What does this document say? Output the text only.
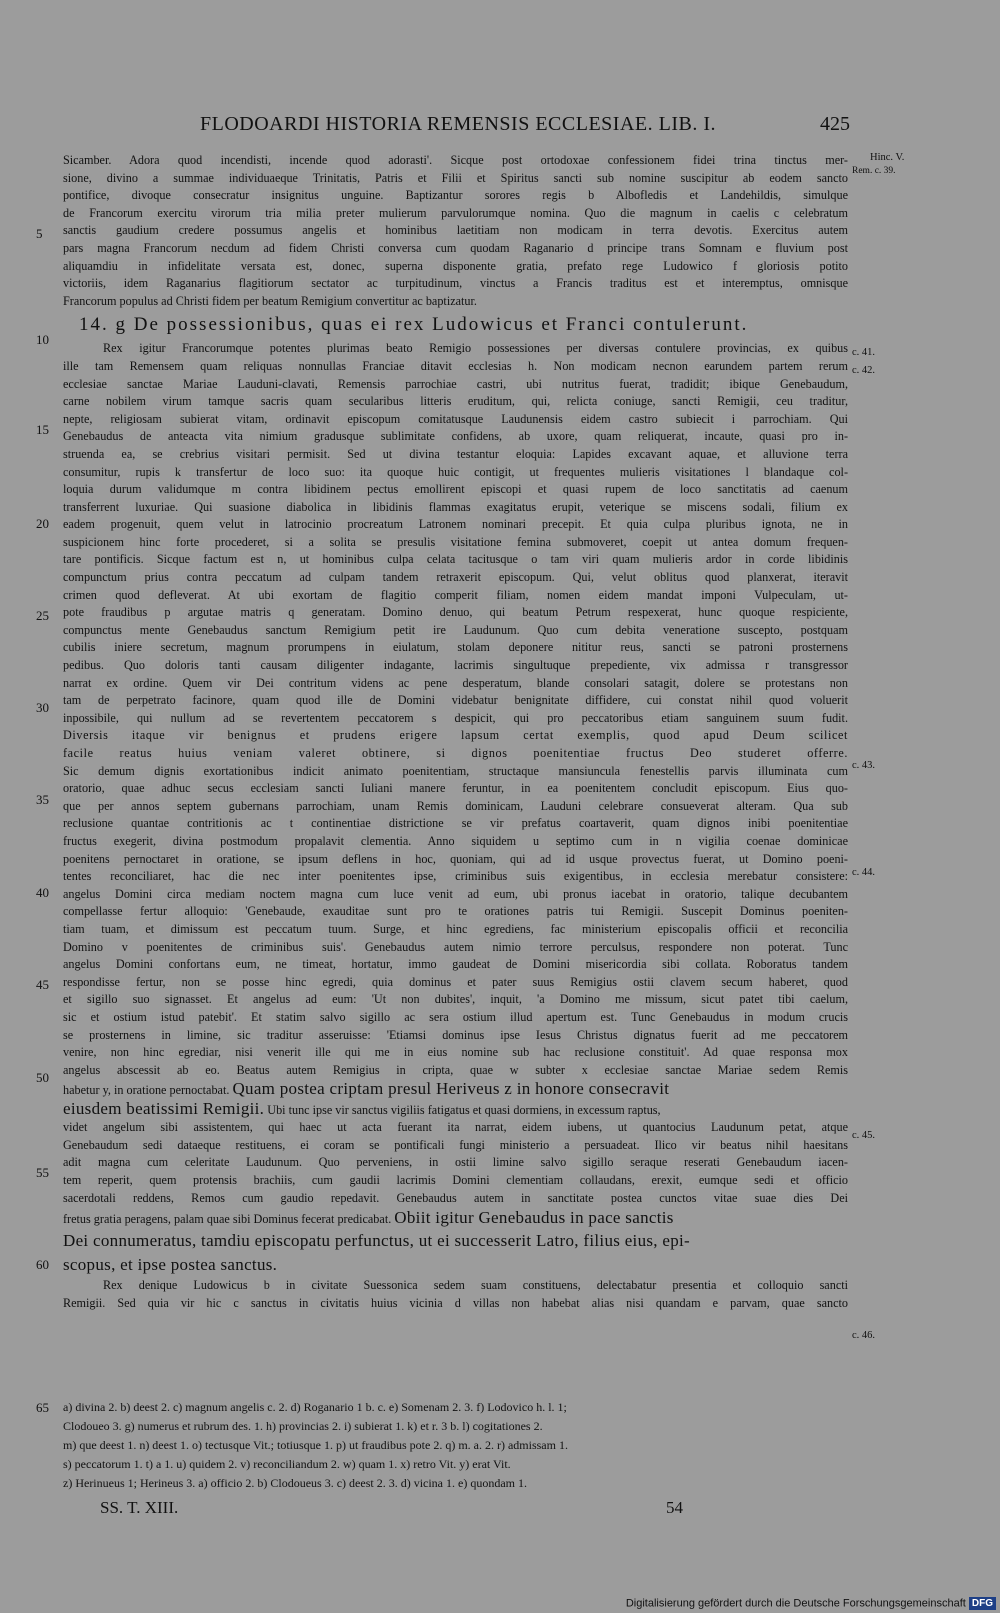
FLODOARDI HISTORIA REMENSIS ECCLESIAE. LIB. I.	425
Hinc. V.
Rem. c. 39.
c. 41.
c. 42.
c. 43.
c. 44.
c. 45.
c. 46.
5
10
15
20
25
30
35
40
45
50
55
60
65
Sicamber. Adora quod incendisti, incende quod adorasti'. Sicque post ortodoxae confessionem fidei trina tinctus mer-
sione, divino a summae individuaeque Trinitatis, Patris et Filii et Spiritus sancti sub nomine suscipitur ab eodem sancto
pontifice, divoque consecratur insignitus unguine. Baptizantur sorores regis b Albofledis et Landehildis, simulque
de Francorum exercitu virorum tria milia preter mulierum parvulorumque nomina. Quo die magnum in caelis c celebratum
sanctis gaudium credere possumus angelis et hominibus laetitiam non modicam in terra devotis. Exercitus autem
pars magna Francorum necdum ad fidem Christi conversa cum quodam Raganario d principe trans Somnam e fluvium post
aliquamdiu in infidelitate versata est, donec, superna disponente gratia, prefato rege Ludowico f gloriosis potito
victoriis, idem Raganarius flagitiorum sectator ac turpitudinum, vinctus a Francis traditus est et interemptus, omnisque
Francorum populus ad Christi fidem per beatum Remigium convertitur ac baptizatur.
14. g De possessionibus, quas ei rex Ludowicus et Franci contulerunt.
Rex igitur Francorumque potentes plurimas beato Remigio possessiones per diversas contulere provincias, ex quibus
ille tam Remensem quam reliquas nonnullas Franciae ditavit ecclesias h. Non modicam necnon earundem partem rerum
ecclesiae sanctae Mariae Lauduni-clavati, Remensis parrochiae castri, ubi nutritus fuerat, tradidit; ibique Genebaudum,
carne nobilem virum tamque sacris quam secularibus litteris eruditum, qui, relicta coniuge, sancti Remigii, ceu traditur,
nepte, religiosam subierat vitam, ordinavit episcopum comitatusque Laudunensis eidem castro subiecit i parrochiam. Qui
Genebaudus de anteacta vita nimium gradusque sublimitate confidens, ab uxore, quam reliquerat, incaute, quasi pro in-
struenda ea, se crebrius visitari permisit. Sed ut divina testantur eloquia: Lapides excavant aquae, et alluvione terra
consumitur, rupis k transfertur de loco suo: ita quoque huic contigit, ut frequentes mulieris visitationes l blandaque col-
loquia durum validumque m contra libidinem pectus emollirent episcopi et quasi rupem de loco sanctitatis ad caenum
transferrent luxuriae. Qui suasione diabolica in libidinis flammas exagitatus erupit, veterique se miscens sodali, filium ex
eadem progenuit, quem velut in latrocinio procreatum Latronem nominari precepit. Et quia culpa pluribus ignota, ne in
suspicionem hinc forte procederet, si a solita se presulis visitatione femina submoveret, coepit ut antea domum frequen-
tare pontificis. Sicque factum est n, ut hominibus culpa celata tacitusque o tam viri quam mulieris ardor in corde libidinis
compunctum prius contra peccatum ad culpam tandem retraxerit episcopum. Qui, velut oblitus quod planxerat, iteravit
crimen quod defleverat. At ubi exortam de flagitio comperit filiam, nomen eidem mandat imponi Vulpeculam, ut-
pote fraudibus p argutae matris q generatam. Domino denuo, qui beatum Petrum respexerat, hunc quoque respiciente,
compunctus mente Genebaudus sanctum Remigium petit ire Laudunum. Quo cum debita veneratione suscepto, postquam
cubilis iniere secretum, magnum prorumpens in eiulatum, stolam deponere nititur reus, sancti se patroni prosternens
pedibus. Quo doloris tanti causam diligenter indagante, lacrimis singultuque prepediente, vix admissa r transgressor
narrat ex ordine. Quem vir Dei contritum videns ac pene desperatum, blande consolari satagit, dolere se protestans non
tam de perpetrato facinore, quam quod ille de Domini videbatur benignitate diffidere, cui constat nihil quod voluerit
inpossibile, qui nullum ad se revertentem peccatorem s despicit, qui pro peccatoribus etiam sanguinem suum fudit.
Diversis itaque vir benignus et prudens erigere lapsum certat exemplis, quod apud Deum scilicet
facile reatus huius veniam valeret obtinere, si dignos poenitentiae fructus Deo studeret offerre.
Sic demum dignis exortationibus indicit animato poenitentiam, structaque mansiuncula fenestellis parvis illuminata cum
oratorio, quae adhuc secus ecclesiam sancti Iuliani manere feruntur, in ea poenitentem concludit episcopum. Eius quo-
que per annos septem gubernans parrochiam, unam Remis dominicam, Lauduni celebrare consueverat alteram. Qua sub
reclusione quantae contritionis ac t continentiae districtione se vir prefatus coartaverit, quam dignos inibi poenitentiae
fructus exegerit, divina postmodum propalavit clementia. Anno siquidem u septimo cum in n vigilia coenae dominicae
poenitens pernoctaret in oratione, se ipsum deflens in hoc, quoniam, qui ad id usque provectus fuerat, ut Domino poeni-
tentes reconciliaret, hac die nec inter poenitentes ipse, criminibus suis exigentibus, in ecclesia merebatur consistere:
angelus Domini circa mediam noctem magna cum luce venit ad eum, ubi pronus iacebat in oratorio, talique decubantem
compellasse fertur alloquio: 'Genebaude, exauditae sunt pro te orationes patris tui Remigii. Suscepit Dominus poeniten-
tiam tuam, et dimissum est peccatum tuum. Surge, et hinc egrediens, fac ministerium episcopalis officii et reconcilia
Domino v poenitentes de criminibus suis'. Genebaudus autem nimio terrore perculsus, respondere non poterat. Tunc
angelus Domini confortans eum, ne timeat, hortatur, immo gaudeat de Domini misericordia sibi collata. Roboratus tandem
respondisse fertur, non se posse hinc egredi, quia dominus et pater suus Remigius ostii clavem secum haberet, quod
et sigillo suo signasset. Et angelus ad eum: 'Ut non dubites', inquit, 'a Domino me missum, sicut patet tibi caelum,
sic et ostium istud patebit'. Et statim salvo sigillo ac sera ostium illud apertum est. Tunc Genebaudus in modum crucis
se prosternens in limine, sic traditur asseruisse: 'Etiamsi dominus ipse Iesus Christus dignatus fuerit ad me peccatorem
venire, non hinc egrediar, nisi venerit ille qui me in eius nomine sub hac reclusione constituit'. Ad quae responsa mox
angelus abscessit ab eo. Beatus autem Remigius in cripta, quae w subter x ecclesiae sanctae Mariae sedem Remis
habetur y, in oratione pernoctabat. Quam postea criptam presul Heriveus z in honore consecravit
eiusdem beatissimi Remigii. Ubi tunc ipse vir sanctus vigiliis fatigatus et quasi dormiens, in excessum raptus,
videt angelum sibi assistentem, qui haec ut acta fuerant ita narrat, eidem iubens, ut quantocius Laudunum petat, atque
Genebaudum sedi dataeque restituens, ei coram se pontificali fungi ministerio a persuadeat. Ilico vir beatus nihil haesitans
adit magna cum celeritate Laudunum. Quo perveniens, in ostii limine salvo sigillo seraque reserati Genebaudum iacen-
tem reperit, quem protensis brachiis, cum gaudii lacrimis Domini clementiam collaudans, erexit, eumque sedi et officio
sacerdotali reddens, Remos cum gaudio repedavit. Genebaudus autem in sanctitate postea cunctos vitae suae dies Dei
fretus gratia peragens, palam quae sibi Dominus fecerat predicabat. Obiit igitur Genebaudus in pace sanctis
Dei connumeratus, tamdiu episcopatu perfunctus, ut ei successerit Latro, filius eius, epi-
scopus, et ipse postea sanctus.
Rex denique Ludowicus b in civitate Suessonica sedem suam constituens, delectabatur presentia et colloquio sancti
Remigii. Sed quia vir hic c sanctus in civitatis huius vicinia d villas non habebat alias nisi quandam e parvam, quae sancto
a) divina 2. b) deest 2. c) magnum angelis c. 2. d) Roganario 1 b. c. e) Somenam 2. 3. f) Lodovico h. l. 1;
Clodoueo 3. g) numerus et rubrum des. 1. h) provincias 2. i) subierat 1. k) et r. 3 b. l) cogitationes 2.
m) que deest 1. n) deest 1. o) tectusque Vit.; totiusque 1. p) ut fraudibus pote 2. q) m. a. 2. r) admissam 1.
s) peccatorum 1. t) a 1. u) quidem 2. v) reconciliandum 2. w) quam 1. x) retro Vit. y) erat Vit.
z) Herinueus 1; Herineus 3. a) officio 2. b) Clodoueus 3. c) deest 2. 3. d) vicina 1. e) quondam 1.
SS. T. XIII.	54
Digitalisierung gefördert durch die Deutsche Forschungsgemeinschaft DFG
